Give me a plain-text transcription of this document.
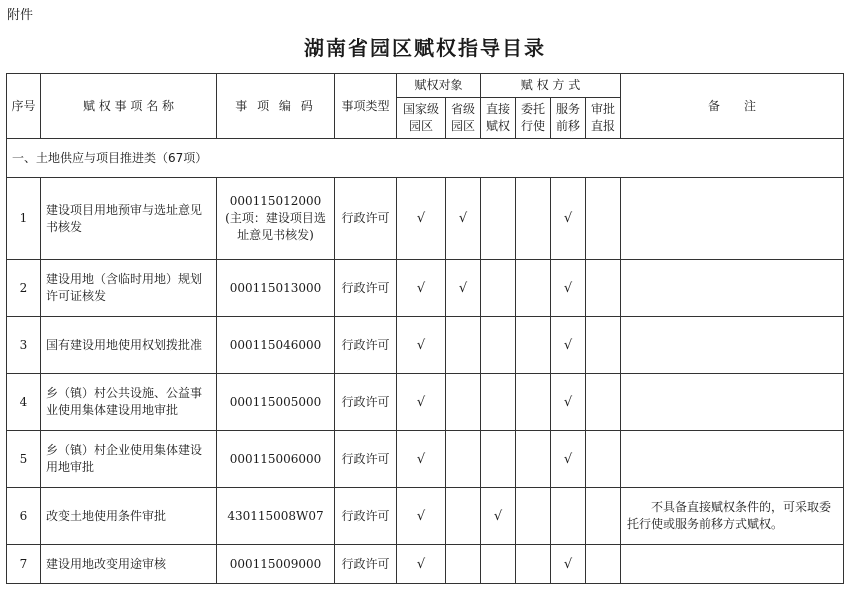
附件
湖南省园区赋权指导目录
序号	赋 权 事 项 名 称	事 项 编 码	事项类型	赋权对象		赋 权 方 式				备　　注
				国家级园区	省级园区	直接赋权	委托行使	服务前移	审批直报	
一、土地供应与项目推进类（67项）										
1	建设项目用地预审与选址意见书核发	000115012000
(主项：建设项目选址意见书核发)	行政许可	√	√			√		
2	建设用地（含临时用地）规划许可证核发	000115013000	行政许可	√	√			√		
3	国有建设用地使用权划拨批准	000115046000	行政许可	√				√		
4	乡（镇）村公共设施、公益事业使用集体建设用地审批	000115005000	行政许可	√				√		
5	乡（镇）村企业使用集体建设用地审批	000115006000	行政许可	√				√		
6	改变土地使用条件审批	430115008W07	行政许可	√		√				不具备直接赋权条件的，可采取委托行使或服务前移方式赋权。
7	建设用地改变用途审核	000115009000	行政许可	√				√		
